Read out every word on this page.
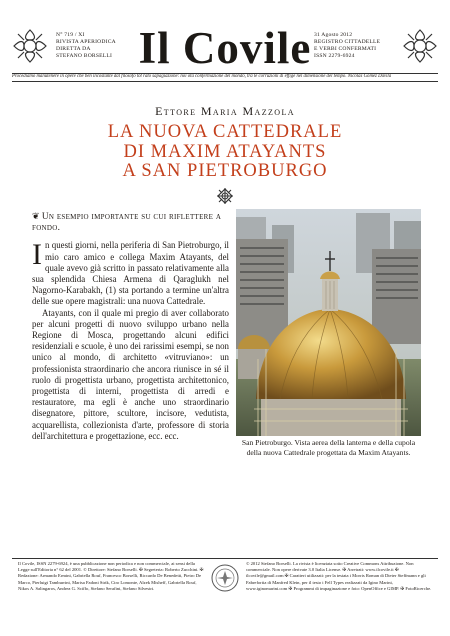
N° 719 / XI
RIVISTA APERIODICA
DIRETTA DA
STEFANO BORSELLI Il Covile 31 Agosto 2012
REGISTRO CITTADELLE
E VERBI CONFERMATI
ISSN 2279-6924
Procediamo manutenere in opere che ben incostante dal filosofo tot rato sapagiazione: noi ota confermazione del mondo, tra le corruzioni di effige nel dimensione del tempo. Nicolás Gómez Dávila
Ettore Maria Mazzola
LA NUOVA CATTEDRALE
DI MAXIM ATAYANTS
A SAN PIETROBURGO
❦ Un esempio importante su cui riflettere a fondo.

In questi giorni, nella periferia di San Pietroburgo, il mio caro amico e collega Maxim Atayants, del quale avevo già scritto in passato relativamente alla sua splendida Chiesa Armena di Qaraglukh nel Nagorno-Karabakh, (1) sta portando a termine un'altra delle sue opere magistrali: una nuova Cattedrale.

Atayants, con il quale mi pregio di aver collaborato per alcuni progetti di nuovo sviluppo urbano nella Regione di Mosca, progettando alcuni edifici residenziali e scuole, è uno dei rarissimi esempi, se non unico al mondo, di architetto «vitruviano»: un professionista straordinario che ancora riunisce in sé il ruolo di progettista urbano, progettista architettonico, progettista di interni, progettista di arredi e restauratore, ma egli è anche uno straordinario disegnatore, pittore, scultore, incisore, vedutista, acquarellista, collezionista d'arte, professore di storia dell'architettura e progettazione, ecc. ecc.

San Pietroburgo. Vista aerea della lanterna e della cupola della nuova Cattedrale progettata da Maxim Atayants.
Il Covile, ISSN 2279-6924, è una pubblicazione non periodica e non commerciale, ai sensi della Legge sull'Editoria n° 62 del 2001. © Direttore: Stefano Borselli. ✠ Segreteria: Roberto Zucchini. ✠ Redazione: Armando Ermini, Gabriella Rouf, Francesco Borselli, Riccardo De Benedetti, Pietro De Marco, Pierluigi Tamburrini, Marisa Fadoni Strik, Ciro Lomonte, Alzek Misheff, Gabriella Rouf, Nikos A. Salingaros, Andrea G. Sciffo, Stefano Serafini, Stefano Silvestri.
© 2012 Stefano Borselli. La rivista è licenziata sotto Creative Commons Attribuzione. Non commerciale. Non opere derivate 3.0 Italia License. ✠ Arretrati: www.ilcovile.it ✠ ilcovile@gmail.com ✠ Caratteri utilizzati: per la testata i Morris Roman di Dieter Steffmann e gli Fabrefortia di Manfred Klein, per il testo i Fell Types realizzati da Igino Marini, www.iginomarini.com ✠ Programmi di impaginazione e foto: OpenOffice e GIMP. ✠ FotoRicerche.
